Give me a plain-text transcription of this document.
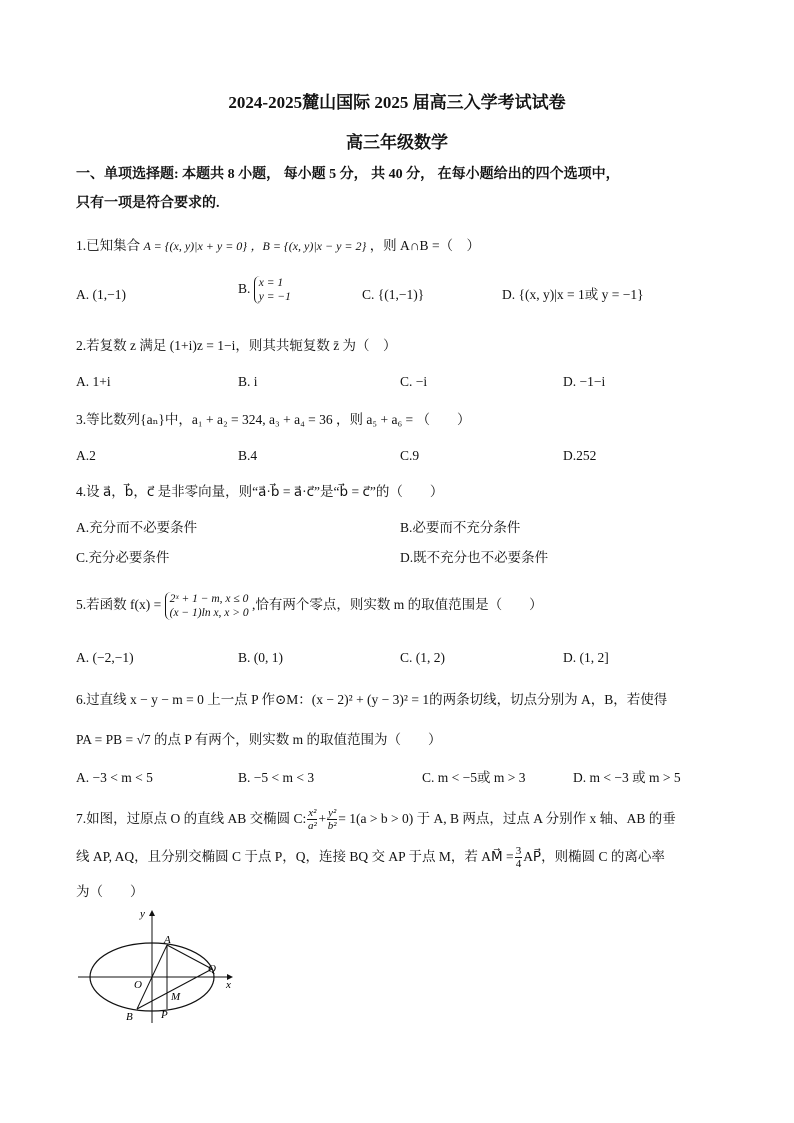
2024-2025麓山国际 2025 届高三入学考试试卷
高三年级数学
一、单项选择题: 本题共 8 小题， 每小题 5 分， 共 40 分， 在每小题给出的四个选项中，
只有一项是符合要求的.
1.已知集合 A = {(x, y)|x + y = 0} ，B = {(x, y)|x − y = 2} ，则 A∩B =（　）
A. (1,−1)	B. x = 1
y = −1	C. {(1,−1)}	D. {(x, y)|x = 1或 y = −1}
2.若复数 z 满足 (1+i)z = 1−i，则其共轭复数 z̄ 为（　）
A. 1+i	B. i	C. −i	D. −1−i
3.等比数列{aₙ}中，a₁ + a₂ = 324, a₃ + a₄ = 36 ，则 a₅ + a₆ = （　　）
A.2	B.4	C.9	D.252
4.设 a⃗，b⃗，c⃗ 是非零向量，则“a⃗·b⃗ = a⃗·c⃗”是“b⃗ = c⃗”的（　　）
A.充分而不必要条件	B.必要而不充分条件
C.充分必要条件	D.既不充分也不必要条件
5.若函数 f(x) = 2ˣ + 1 − m, x ≤ 0
(x − 1)ln x, x > 0
,恰有两个零点，则实数 m 的取值范围是（　　）
A. (−2,−1)	B. (0, 1)	C. (1, 2)	D. (1, 2]
6.过直线 x − y − m = 0 上一点 P 作⊙M：(x − 2)² + (y − 3)² = 1的两条切线，切点分别为 A，B，若使得
PA = PB = √7 的点 P 有两个，则实数 m 的取值范围为（　　）
A. −3 < m < 5	B. −5 < m < 3	C. m < −5或 m > 3	D. m < −3 或 m > 5
7.如图，过原点 O 的直线 AB 交椭圆 C: $\frac{\text{x²}}{\text{a²}} + \frac{\text{y²}}{\text{b²}} = 1(a > b > 0)$ 于 A, B 两点，过点 A 分别作 x 轴、AB 的垂
线 AP, AQ，且分别交椭圆 C 于点 P，Q，连接 BQ 交 AP 于点 M，若 AM⃗ = $\frac{3}{4}$ AP⃗，则椭圆 C 的离心率
为（　　）
y
A
Q
O	x
M
B	P
